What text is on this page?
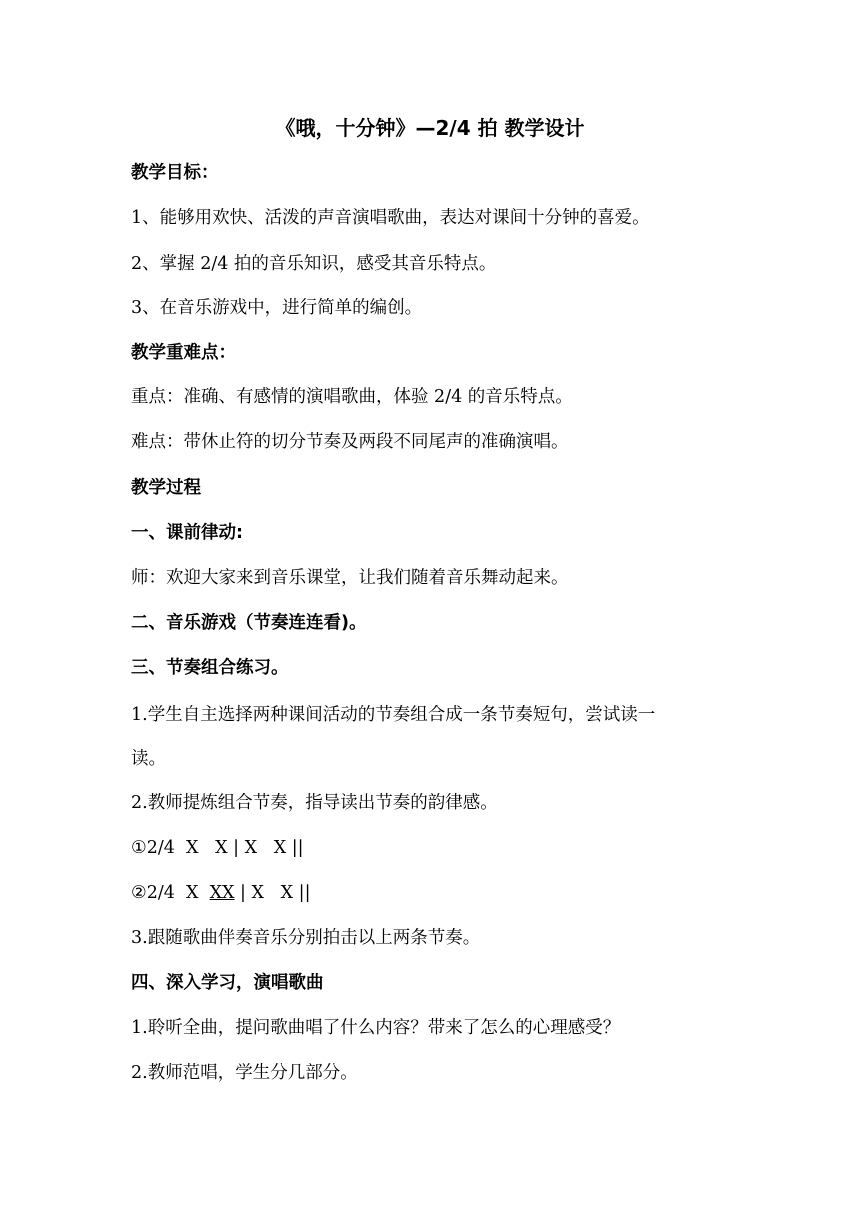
《哦，十分钟》—2/4 拍 教学设计
教学目标：
1、能够用欢快、活泼的声音演唱歌曲，表达对课间十分钟的喜爱。
2、掌握 2/4 拍的音乐知识，感受其音乐特点。
3、在音乐游戏中，进行简单的编创。
教学重难点：
重点：准确、有感情的演唱歌曲，体验 2/4 的音乐特点。
难点：带休止符的切分节奏及两段不同尾声的准确演唱。
教学过程
一、课前律动:
师：欢迎大家来到音乐课堂，让我们随着音乐舞动起来。
二、音乐游戏（节奏连连看)。
三、节奏组合练习。
1.学生自主选择两种课间活动的节奏组合成一条节奏短句，尝试读一
读。
2.教师提炼组合节奏，指导读出节奏的韵律感。
①2/4  X   X | X   X ||
②2/4  X  XX | X   X ||
3.跟随歌曲伴奏音乐分别拍击以上两条节奏。
四、深入学习，演唱歌曲
1.聆听全曲，提问歌曲唱了什么内容？带来了怎么的心理感受？
2.教师范唱，学生分几部分。
